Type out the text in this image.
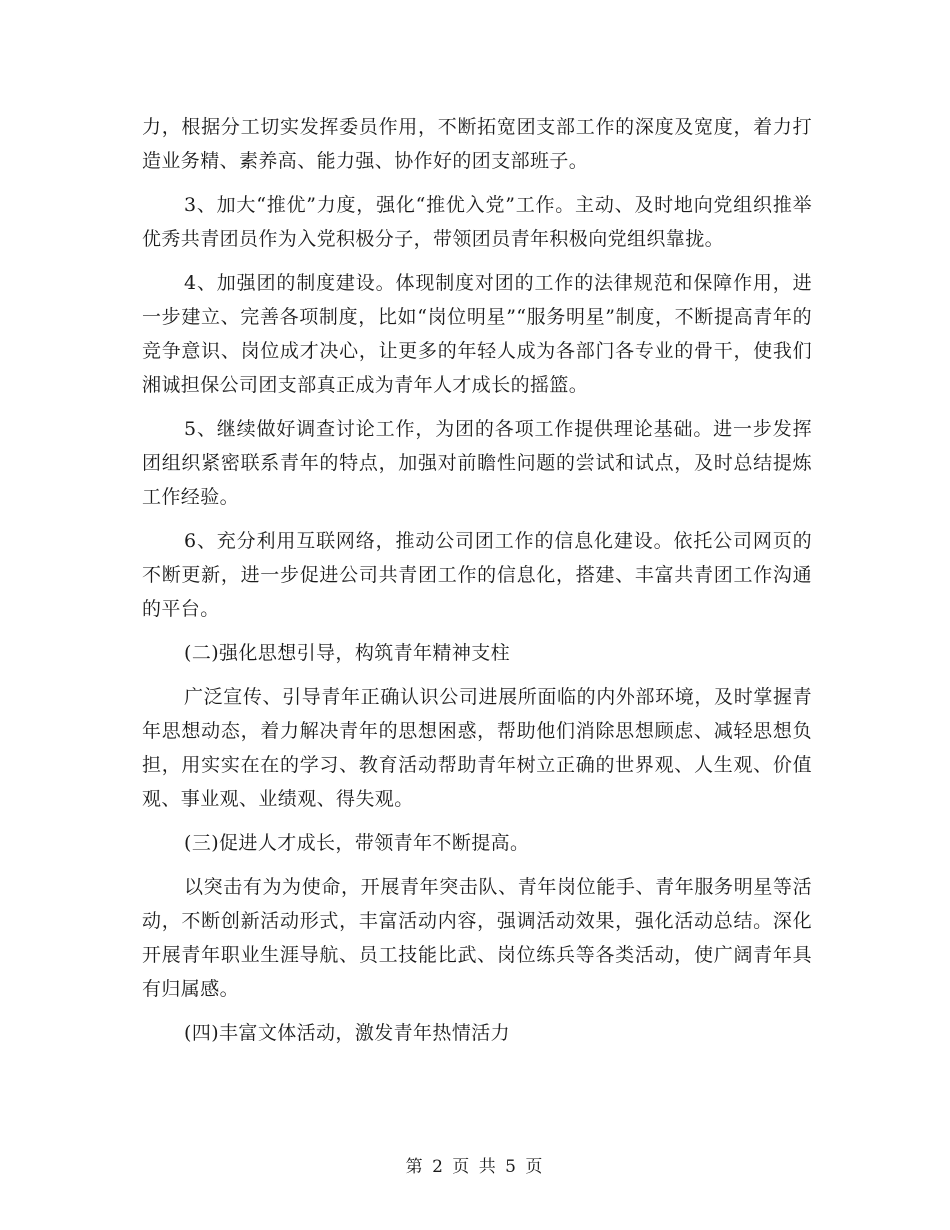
力，根据分工切实发挥委员作用，不断拓宽团支部工作的深度及宽度，着力打造业务精、素养高、能力强、协作好的团支部班子。

3、加大“推优”力度，强化“推优入党”工作。主动、及时地向党组织推举优秀共青团员作为入党积极分子，带领团员青年积极向党组织靠拢。

4、加强团的制度建设。体现制度对团的工作的法律规范和保障作用，进一步建立、完善各项制度，比如“岗位明星”“服务明星”制度，不断提高青年的竞争意识、岗位成才决心，让更多的年轻人成为各部门各专业的骨干，使我们湘诚担保公司团支部真正成为青年人才成长的摇篮。

5、继续做好调查讨论工作，为团的各项工作提供理论基础。进一步发挥团组织紧密联系青年的特点，加强对前瞻性问题的尝试和试点，及时总结提炼工作经验。

6、充分利用互联网络，推动公司团工作的信息化建设。依托公司网页的不断更新，进一步促进公司共青团工作的信息化，搭建、丰富共青团工作沟通的平台。

(二)强化思想引导，构筑青年精神支柱

广泛宣传、引导青年正确认识公司进展所面临的内外部环境，及时掌握青年思想动态，着力解决青年的思想困惑，帮助他们消除思想顾虑、减轻思想负担，用实实在在的学习、教育活动帮助青年树立正确的世界观、人生观、价值观、事业观、业绩观、得失观。

(三)促进人才成长，带领青年不断提高。

以突击有为为使命，开展青年突击队、青年岗位能手、青年服务明星等活动，不断创新活动形式，丰富活动内容，强调活动效果，强化活动总结。深化开展青年职业生涯导航、员工技能比武、岗位练兵等各类活动，使广阔青年具有归属感。

(四)丰富文体活动，激发青年热情活力

第 2 页 共 5 页
